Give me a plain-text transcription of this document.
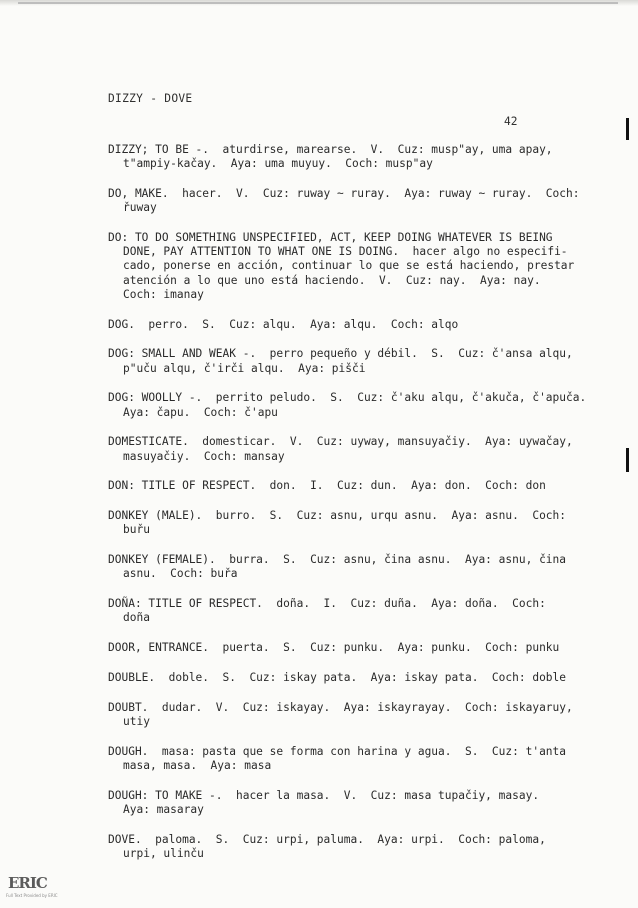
DIZZY - DOVE
42
DIZZY; TO BE -.  aturdirse, marearse.  V.  Cuz: musp"ay, uma apay,
t"ampiy-kačay.  Aya: uma muyuy.  Coch: musp"ay
DO, MAKE.  hacer.  V.  Cuz: ruway ~ ruray.  Aya: ruway ~ ruray.  Coch:
řuway
DO: TO DO SOMETHING UNSPECIFIED, ACT, KEEP DOING WHATEVER IS BEING
DONE, PAY ATTENTION TO WHAT ONE IS DOING.  hacer algo no especifi-
cado, ponerse en acción, continuar lo que se está haciendo, prestar
atención a lo que uno está haciendo.  V.  Cuz: nay.  Aya: nay.
Coch: imanay
DOG.  perro.  S.  Cuz: alqu.  Aya: alqu.  Coch: alqo
DOG: SMALL AND WEAK -.  perro pequeño y débil.  S.  Cuz: č'ansa alqu,
p"uču alqu, č'irči alqu.  Aya: pišči
DOG: WOOLLY -.  perrito peludo.  S.  Cuz: č'aku alqu, č'akuča, č'apuča.
Aya: čapu.  Coch: č'apu
DOMESTICATE.  domesticar.  V.  Cuz: uyway, mansuyačiy.  Aya: uywačay,
masuyačiy.  Coch: mansay
DON: TITLE OF RESPECT.  don.  I.  Cuz: dun.  Aya: don.  Coch: don
DONKEY (MALE).  burro.  S.  Cuz: asnu, urqu asnu.  Aya: asnu.  Coch:
buřu
DONKEY (FEMALE).  burra.  S.  Cuz: asnu, čina asnu.  Aya: asnu, čina
asnu.  Coch: buřa
DOÑA: TITLE OF RESPECT.  doña.  I.  Cuz: duña.  Aya: doña.  Coch:
doña
DOOR, ENTRANCE.  puerta.  S.  Cuz: punku.  Aya: punku.  Coch: punku
DOUBLE.  doble.  S.  Cuz: iskay pata.  Aya: iskay pata.  Coch: doble
DOUBT.  dudar.  V.  Cuz: iskayay.  Aya: iskayrayay.  Coch: iskayaruy,
utiy
DOUGH.  masa: pasta que se forma con harina y agua.  S.  Cuz: t'anta
masa, masa.  Aya: masa
DOUGH: TO MAKE -.  hacer la masa.  V.  Cuz: masa tupačiy, masay.
Aya: masaray
DOVE.  paloma.  S.  Cuz: urpi, paluma.  Aya: urpi.  Coch: paloma,
urpi, ulinču
ERIC
Full Text Provided by ERIC
